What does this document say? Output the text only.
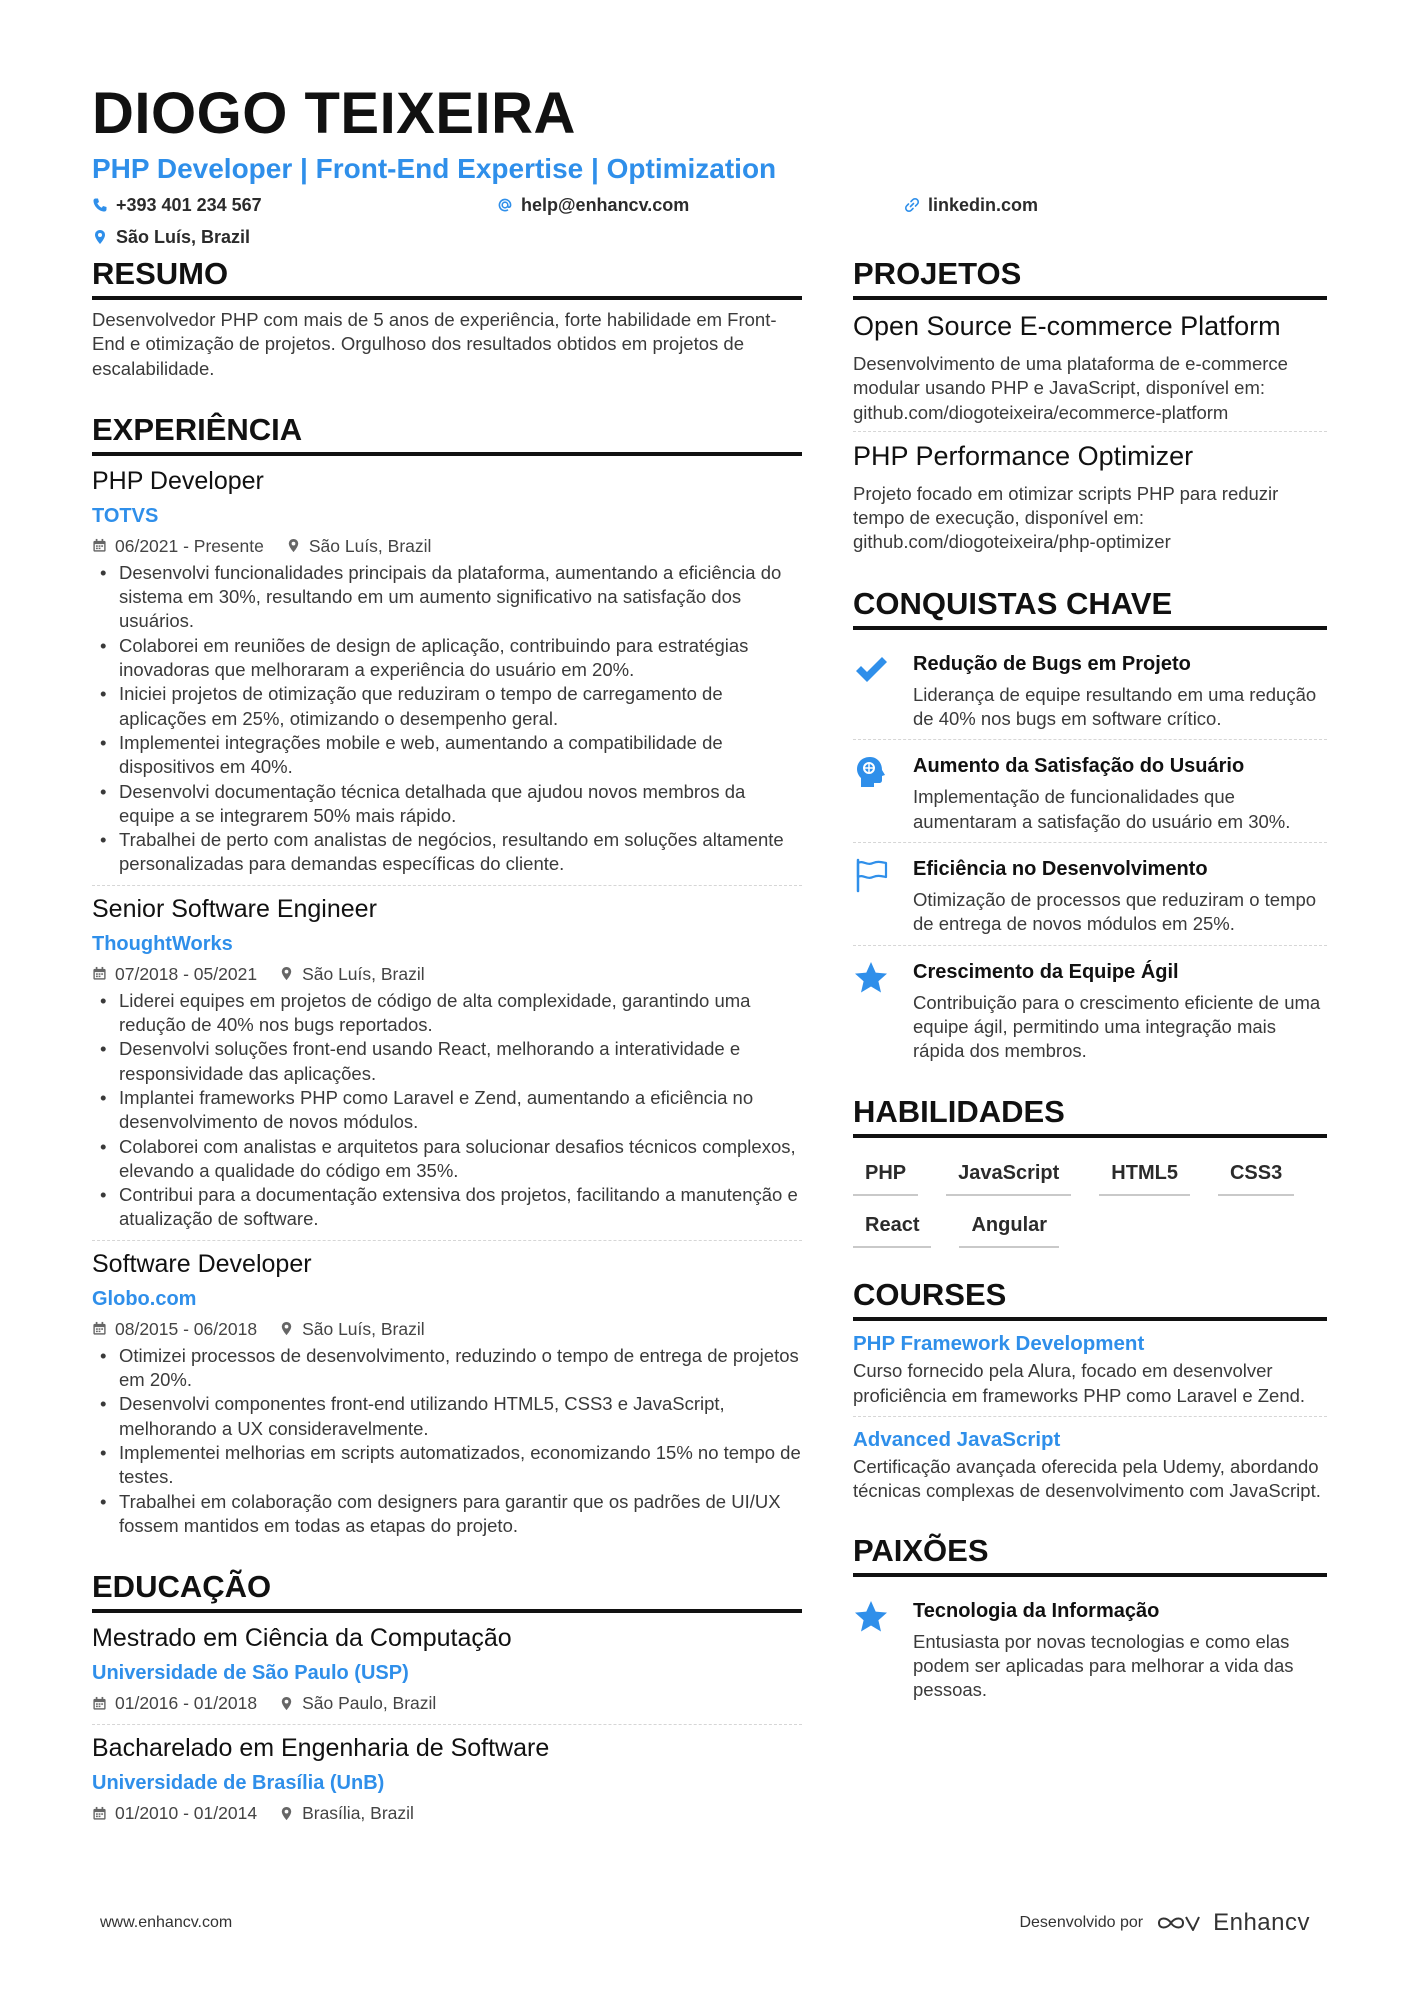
DIOGO TEIXEIRA
PHP Developer | Front-End Expertise | Optimization
+393 401 234 567	help@enhancv.com	linkedin.com
São Luís, Brazil
RESUMO
Desenvolvedor PHP com mais de 5 anos de experiência, forte habilidade em Front-End e otimização de projetos. Orgulhoso dos resultados obtidos em projetos de escalabilidade.
EXPERIÊNCIA
PHP Developer
TOTVS
06/2021 - Presente	São Luís, Brazil
• Desenvolvi funcionalidades principais da plataforma, aumentando a eficiência do sistema em 30%, resultando em um aumento significativo na satisfação dos usuários.
• Colaborei em reuniões de design de aplicação, contribuindo para estratégias inovadoras que melhoraram a experiência do usuário em 20%.
• Iniciei projetos de otimização que reduziram o tempo de carregamento de aplicações em 25%, otimizando o desempenho geral.
• Implementei integrações mobile e web, aumentando a compatibilidade de dispositivos em 40%.
• Desenvolvi documentação técnica detalhada que ajudou novos membros da equipe a se integrarem 50% mais rápido.
• Trabalhei de perto com analistas de negócios, resultando em soluções altamente personalizadas para demandas específicas do cliente.
Senior Software Engineer
ThoughtWorks
07/2018 - 05/2021	São Luís, Brazil
• Liderei equipes em projetos de código de alta complexidade, garantindo uma redução de 40% nos bugs reportados.
• Desenvolvi soluções front-end usando React, melhorando a interatividade e responsividade das aplicações.
• Implantei frameworks PHP como Laravel e Zend, aumentando a eficiência no desenvolvimento de novos módulos.
• Colaborei com analistas e arquitetos para solucionar desafios técnicos complexos, elevando a qualidade do código em 35%.
• Contribui para a documentação extensiva dos projetos, facilitando a manutenção e atualização de software.
Software Developer
Globo.com
08/2015 - 06/2018	São Luís, Brazil
• Otimizei processos de desenvolvimento, reduzindo o tempo de entrega de projetos em 20%.
• Desenvolvi componentes front-end utilizando HTML5, CSS3 e JavaScript, melhorando a UX consideravelmente.
• Implementei melhorias em scripts automatizados, economizando 15% no tempo de testes.
• Trabalhei em colaboração com designers para garantir que os padrões de UI/UX fossem mantidos em todas as etapas do projeto.
EDUCAÇÃO
Mestrado em Ciência da Computação
Universidade de São Paulo (USP)
01/2016 - 01/2018	São Paulo, Brazil
Bacharelado em Engenharia de Software
Universidade de Brasília (UnB)
01/2010 - 01/2014	Brasília, Brazil
PROJETOS
Open Source E-commerce Platform
Desenvolvimento de uma plataforma de e-commerce modular usando PHP e JavaScript, disponível em: github.com/diogoteixeira/ecommerce-platform
PHP Performance Optimizer
Projeto focado em otimizar scripts PHP para reduzir tempo de execução, disponível em: github.com/diogoteixeira/php-optimizer
CONQUISTAS CHAVE
Redução de Bugs em Projeto
Liderança de equipe resultando em uma redução de 40% nos bugs em software crítico.
Aumento da Satisfação do Usuário
Implementação de funcionalidades que aumentaram a satisfação do usuário em 30%.
Eficiência no Desenvolvimento
Otimização de processos que reduziram o tempo de entrega de novos módulos em 25%.
Crescimento da Equipe Ágil
Contribuição para o crescimento eficiente de uma equipe ágil, permitindo uma integração mais rápida dos membros.
HABILIDADES
PHP	JavaScript	HTML5	CSS3
React	Angular
COURSES
PHP Framework Development
Curso fornecido pela Alura, focado em desenvolver proficiência em frameworks PHP como Laravel e Zend.
Advanced JavaScript
Certificação avançada oferecida pela Udemy, abordando técnicas complexas de desenvolvimento com JavaScript.
PAIXÕES
Tecnologia da Informação
Entusiasta por novas tecnologias e como elas podem ser aplicadas para melhorar a vida das pessoas.
www.enhancv.com	Desenvolvido por	Enhancv
